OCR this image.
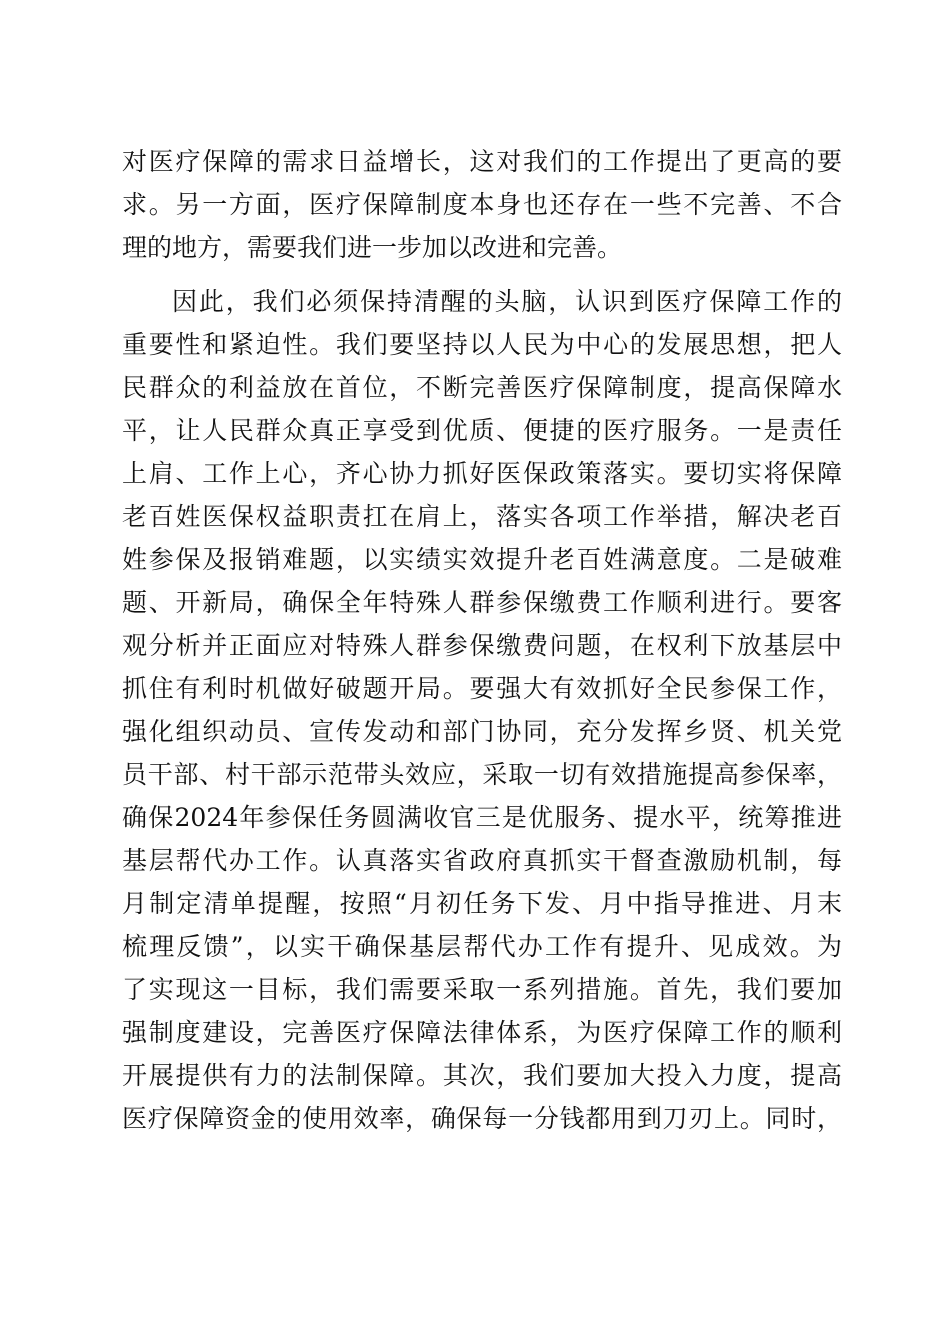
对医疗保障的需求日益增长，这对我们的工作提出了更高的要
求。另一方面，医疗保障制度本身也还存在一些不完善、不合
理的地方，需要我们进一步加以改进和完善。
因此，我们必须保持清醒的头脑，认识到医疗保障工作的
重要性和紧迫性。我们要坚持以人民为中心的发展思想，把人
民群众的利益放在首位，不断完善医疗保障制度，提高保障水
平，让人民群众真正享受到优质、便捷的医疗服务。一是责任
上肩、工作上心，齐心协力抓好医保政策落实。要切实将保障
老百姓医保权益职责扛在肩上，落实各项工作举措，解决老百
姓参保及报销难题，以实绩实效提升老百姓满意度。二是破难
题、开新局，确保全年特殊人群参保缴费工作顺利进行。要客
观分析并正面应对特殊人群参保缴费问题，在权利下放基层中
抓住有利时机做好破题开局。要强大有效抓好全民参保工作，
强化组织动员、宣传发动和部门协同，充分发挥乡贤、机关党
员干部、村干部示范带头效应，采取一切有效措施提高参保率，
确保2024年参保任务圆满收官三是优服务、提水平，统筹推进
基层帮代办工作。认真落实省政府真抓实干督查激励机制，每
月制定清单提醒，按照“月初任务下发、月中指导推进、月末
梳理反馈”，以实干确保基层帮代办工作有提升、见成效。为
了实现这一目标，我们需要采取一系列措施。首先，我们要加
强制度建设，完善医疗保障法律体系，为医疗保障工作的顺利
开展提供有力的法制保障。其次，我们要加大投入力度，提高
医疗保障资金的使用效率，确保每一分钱都用到刀刃上。同时，
